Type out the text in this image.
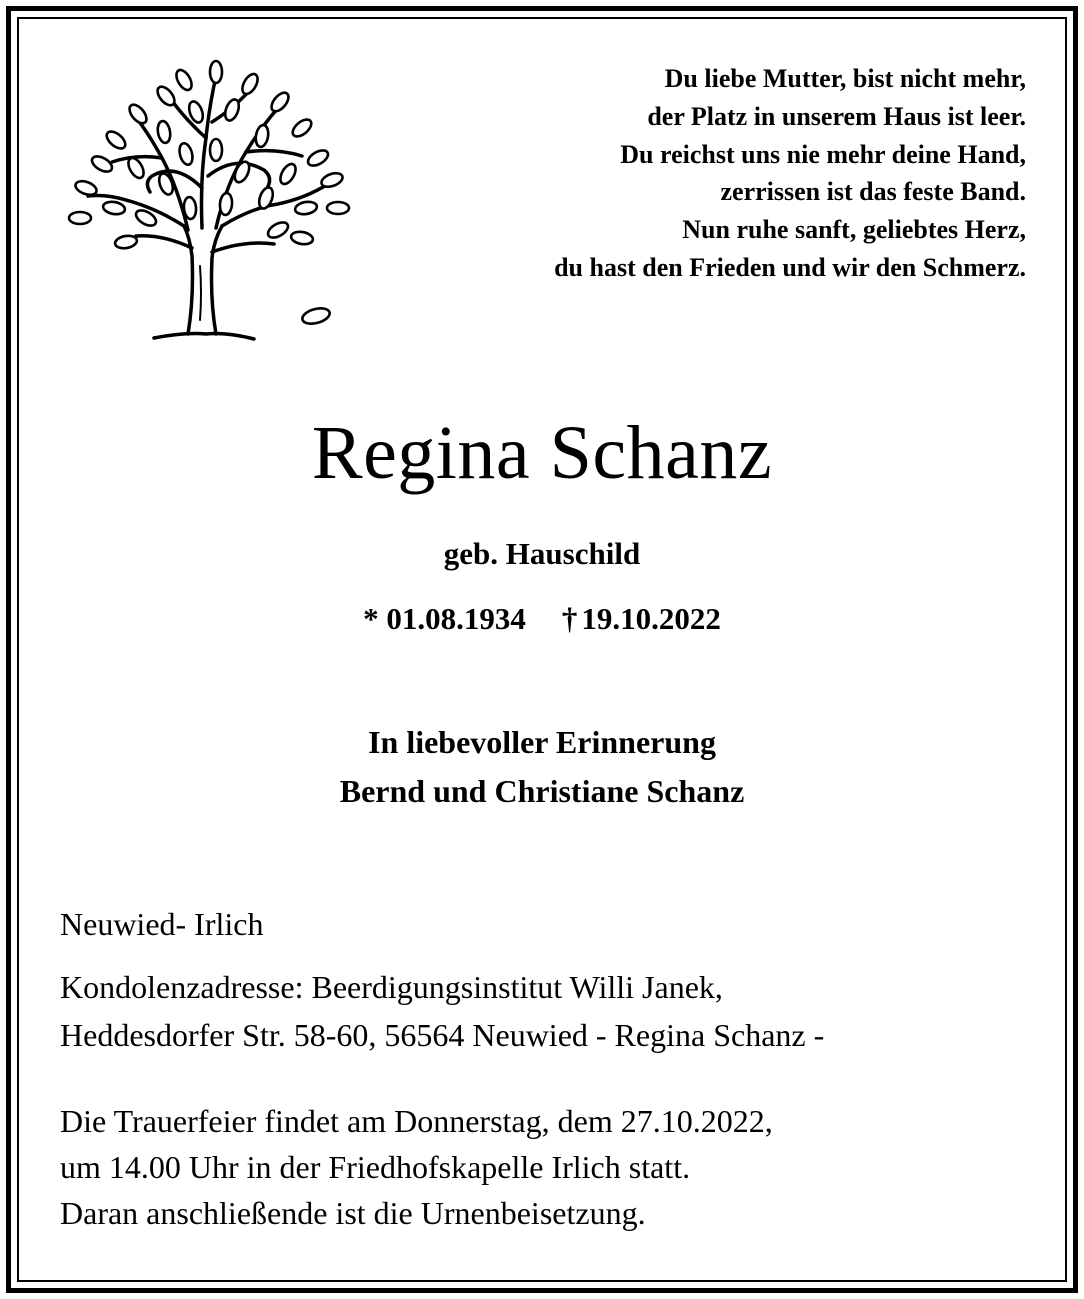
Du liebe Mutter, bist nicht mehr,
der Platz in unserem Haus ist leer.
Du reichst uns nie mehr deine Hand,
zerrissen ist das feste Band.
Nun ruhe sanft, geliebtes Herz,
du hast den Frieden und wir den Schmerz.
Regina Schanz
geb. Hauschild
* 01.08.1934 † 19.10.2022
In liebevoller Erinnerung
Bernd und Christiane Schanz
Neuwied- Irlich
Kondolenzadresse: Beerdigungsinstitut Willi Janek,
Heddesdorfer Str. 58-60, 56564 Neuwied - Regina Schanz -
Die Trauerfeier findet am Donnerstag, dem 27.10.2022,
um 14.00 Uhr in der Friedhofskapelle Irlich statt.
Daran anschließende ist die Urnenbeisetzung.
